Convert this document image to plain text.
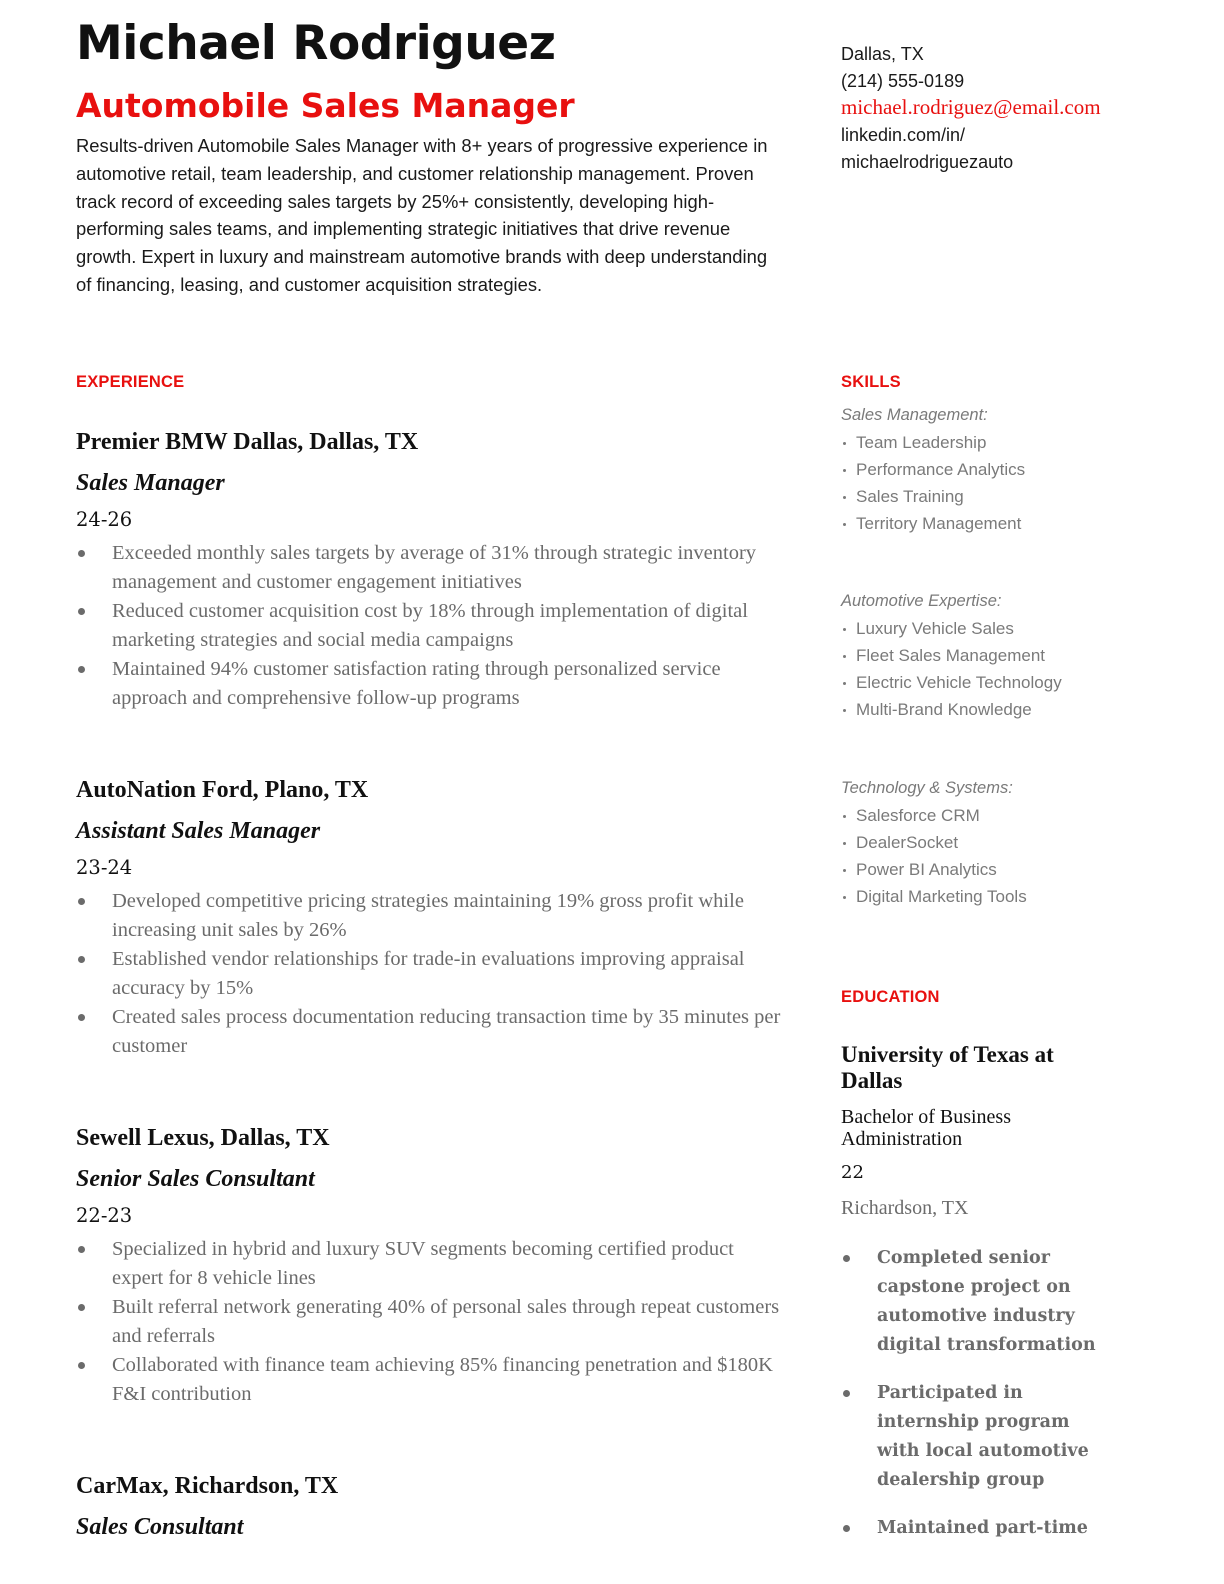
Michael Rodriguez
Automobile Sales Manager

Results-driven Automobile Sales Manager with 8+ years of progressive experience in automotive retail, team leadership, and customer relationship management. Proven track record of exceeding sales targets by 25%+ consistently, developing high-performing sales teams, and implementing strategic initiatives that drive revenue growth. Expert in luxury and mainstream automotive brands with deep understanding of financing, leasing, and customer acquisition strategies.

Dallas, TX
(214) 555-0189
michael.rodriguez@email.com
linkedin.com/in/
michaelrodriguezauto
EXPERIENCE
Premier BMW Dallas, Dallas, TX
Sales Manager
24-26
Exceeded monthly sales targets by average of 31% through strategic inventory management and customer engagement initiatives
Reduced customer acquisition cost by 18% through implementation of digital marketing strategies and social media campaigns
Maintained 94% customer satisfaction rating through personalized service approach and comprehensive follow-up programs
AutoNation Ford, Plano, TX
Assistant Sales Manager
23-24
Developed competitive pricing strategies maintaining 19% gross profit while increasing unit sales by 26%
Established vendor relationships for trade-in evaluations improving appraisal accuracy by 15%
Created sales process documentation reducing transaction time by 35 minutes per customer
Sewell Lexus, Dallas, TX
Senior Sales Consultant
22-23
Specialized in hybrid and luxury SUV segments becoming certified product expert for 8 vehicle lines
Built referral network generating 40% of personal sales through repeat customers and referrals
Collaborated with finance team achieving 85% financing penetration and $180K F&I contribution
CarMax, Richardson, TX
Sales Consultant
SKILLS
Sales Management:
Team Leadership
Performance Analytics
Sales Training
Territory Management
Automotive Expertise:
Luxury Vehicle Sales
Fleet Sales Management
Electric Vehicle Technology
Multi-Brand Knowledge
Technology & Systems:
Salesforce CRM
DealerSocket
Power BI Analytics
Digital Marketing Tools
EDUCATION
University of Texas at Dallas
Bachelor of Business Administration
22
Richardson, TX
Completed senior capstone project on automotive industry digital transformation
Participated in internship program with local automotive dealership group
Maintained part-time
